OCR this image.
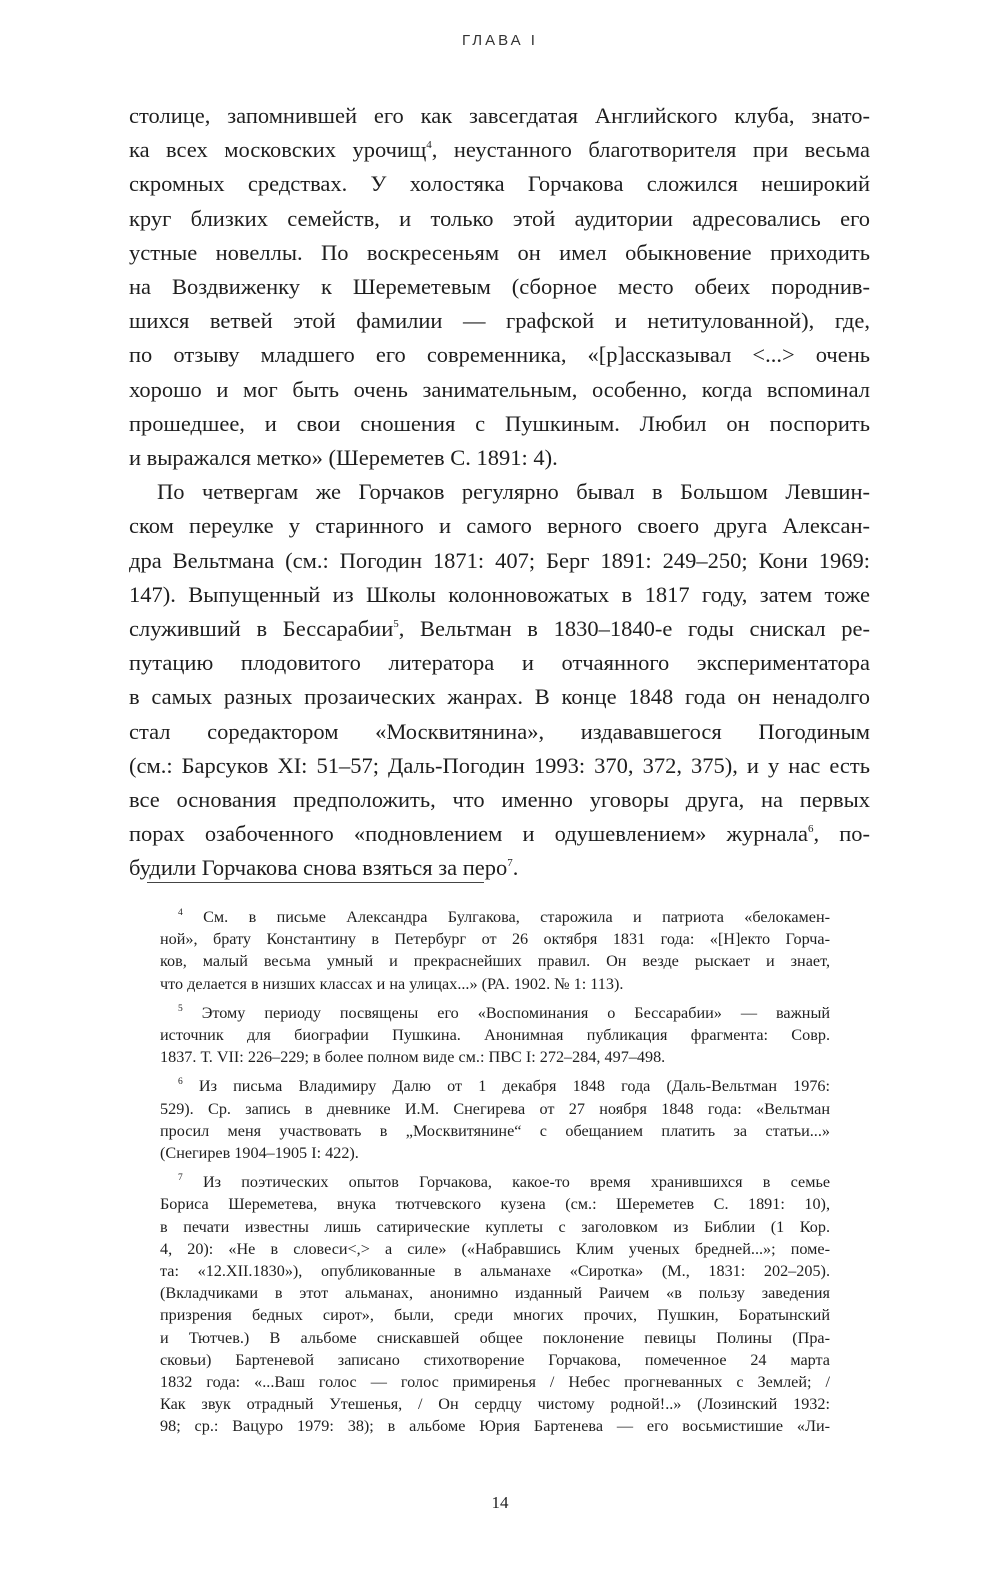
ГЛАВА I
столице, запомнившей его как завсегдатая Английского клуба, знато-
ка всех московских урочищ$^4$, неустанного благотворителя при весьма
скромных средствах. У холостяка Горчакова сложился неширокий
круг близких семейств, и только этой аудитории адресовались его
устные новеллы. По воскресеньям он имел обыкновение приходить
на Воздвиженку к Шереметевым (сборное место обеих породнив-
шихся ветвей этой фамилии — графской и нетитулованной), где,
по отзыву младшего его современника, «[р]ассказывал <...> очень
хорошо и мог быть очень занимательным, особенно, когда вспоминал
прошедшее, и свои сношения с Пушкиным. Любил он поспорить
и выражался метко» (Шереметев С. 1891: 4).
По четвергам же Горчаков регулярно бывал в Большом Левшин-
ском переулке у старинного и самого верного своего друга Алексан-
дра Вельтмана (см.: Погодин 1871: 407; Берг 1891: 249–250; Кони 1969:
147). Выпущенный из Школы колонновожатых в 1817 году, затем тоже
служивший в Бессарабии$^5$, Вельтман в 1830–1840-е годы снискал ре-
путацию плодовитого литератора и отчаянного экспериментатора
в самых разных прозаических жанрах. В конце 1848 года он ненадолго
стал соредактором «Москвитянина», издававшегося Погодиным
(см.: Барсуков XI: 51–57; Даль-Погодин 1993: 370, 372, 375), и у нас есть
все основания предположить, что именно уговоры друга, на первых
порах озабоченного «подновлением и одушевлением» журнала$^6$, по-
будили Горчакова снова взяться за перо$^7$.
$^4$ См. в письме Александра Булгакова, старожила и патриота «белокамен-
ной», брату Константину в Петербург от 26 октября 1831 года: «[Н]екто Горча-
ков, малый весьма умный и прекраснейших правил. Он везде рыскает и знает,
что делается в низших классах и на улицах...» (РА. 1902. № 1: 113).
$^5$ Этому периоду посвящены его «Воспоминания о Бессарабии» — важный
источник для биографии Пушкина. Анонимная публикация фрагмента: Совр.
1837. Т. VII: 226–229; в более полном виде см.: ПВС I: 272–284, 497–498.
$^6$ Из письма Владимиру Далю от 1 декабря 1848 года (Даль-Вельтман 1976:
529). Ср. запись в дневнике И.М. Снегирева от 27 ноября 1848 года: «Вельтман
просил меня участвовать в „Москвитянине“ с обещанием платить за статьи...»
(Снегирев 1904–1905 I: 422).
$^7$ Из поэтических опытов Горчакова, какое-то время хранившихся в семье
Бориса Шереметева, внука тютчевского кузена (см.: Шереметев С. 1891: 10),
в печати известны лишь сатирические куплеты с заголовком из Библии (1 Кор.
4, 20): «Не в словеси<,> а силе» («Набравшись Клим ученых бредней...»; поме-
та: «12.XII.1830»), опубликованные в альманахе «Сиротка» (М., 1831: 202–205).
(Вкладчиками в этот альманах, анонимно изданный Раичем «в пользу заведения
призрения бедных сирот», были, среди многих прочих, Пушкин, Боратынский
и Тютчев.) В альбоме снискавшей общее поклонение певицы Полины (Пра-
сковьи) Бартеневой записано стихотворение Горчакова, помеченное 24 марта
1832 года: «...Ваш голос — голос примиренья / Небес прогневанных с Землей; /
Как звук отрадный Утешенья, / Он сердцу чистому родной!..» (Лозинский 1932:
98; ср.: Вацуро 1979: 38); в альбоме Юрия Бартенева — его восьмистишие «Ли-
14
